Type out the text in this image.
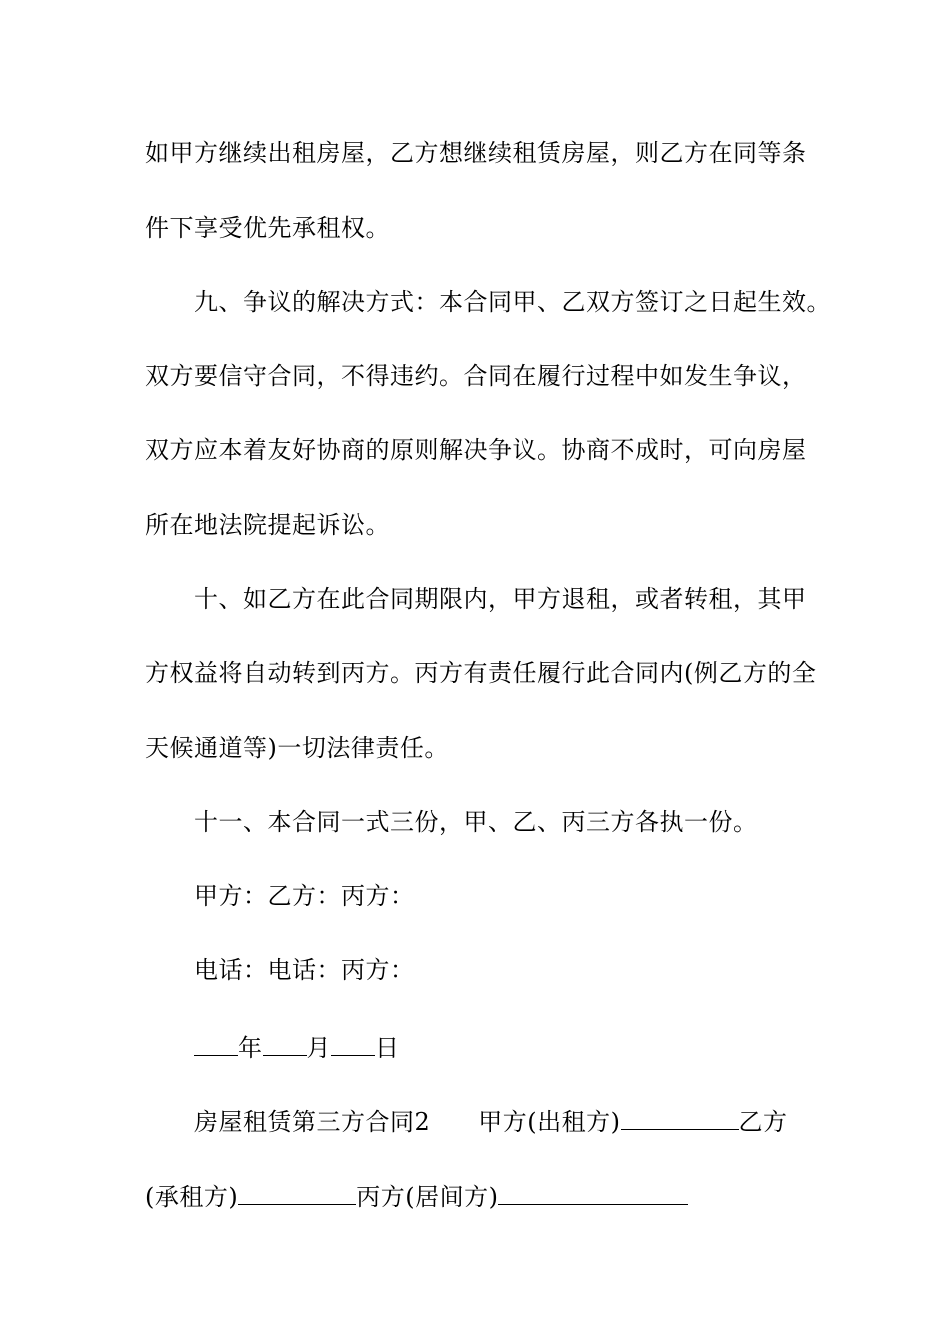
如甲方继续出租房屋，乙方想继续租赁房屋，则乙方在同等条
件下享受优先承租权。
九、争议的解决方式：本合同甲、乙双方签订之日起生效。
双方要信守合同，不得违约。合同在履行过程中如发生争议，
双方应本着友好协商的原则解决争议。协商不成时，可向房屋
所在地法院提起诉讼。
十、如乙方在此合同期限内，甲方退租，或者转租，其甲
方权益将自动转到丙方。丙方有责任履行此合同内(例乙方的全
天候通道等)一切法律责任。
十一、本合同一式三份，甲、乙、丙三方各执一份。
甲方：乙方：丙方：
电话：电话：丙方：
年 月 日
房屋租赁第三方合同2 甲方(出租方)	乙方
(承租方)	丙方(居间方)
